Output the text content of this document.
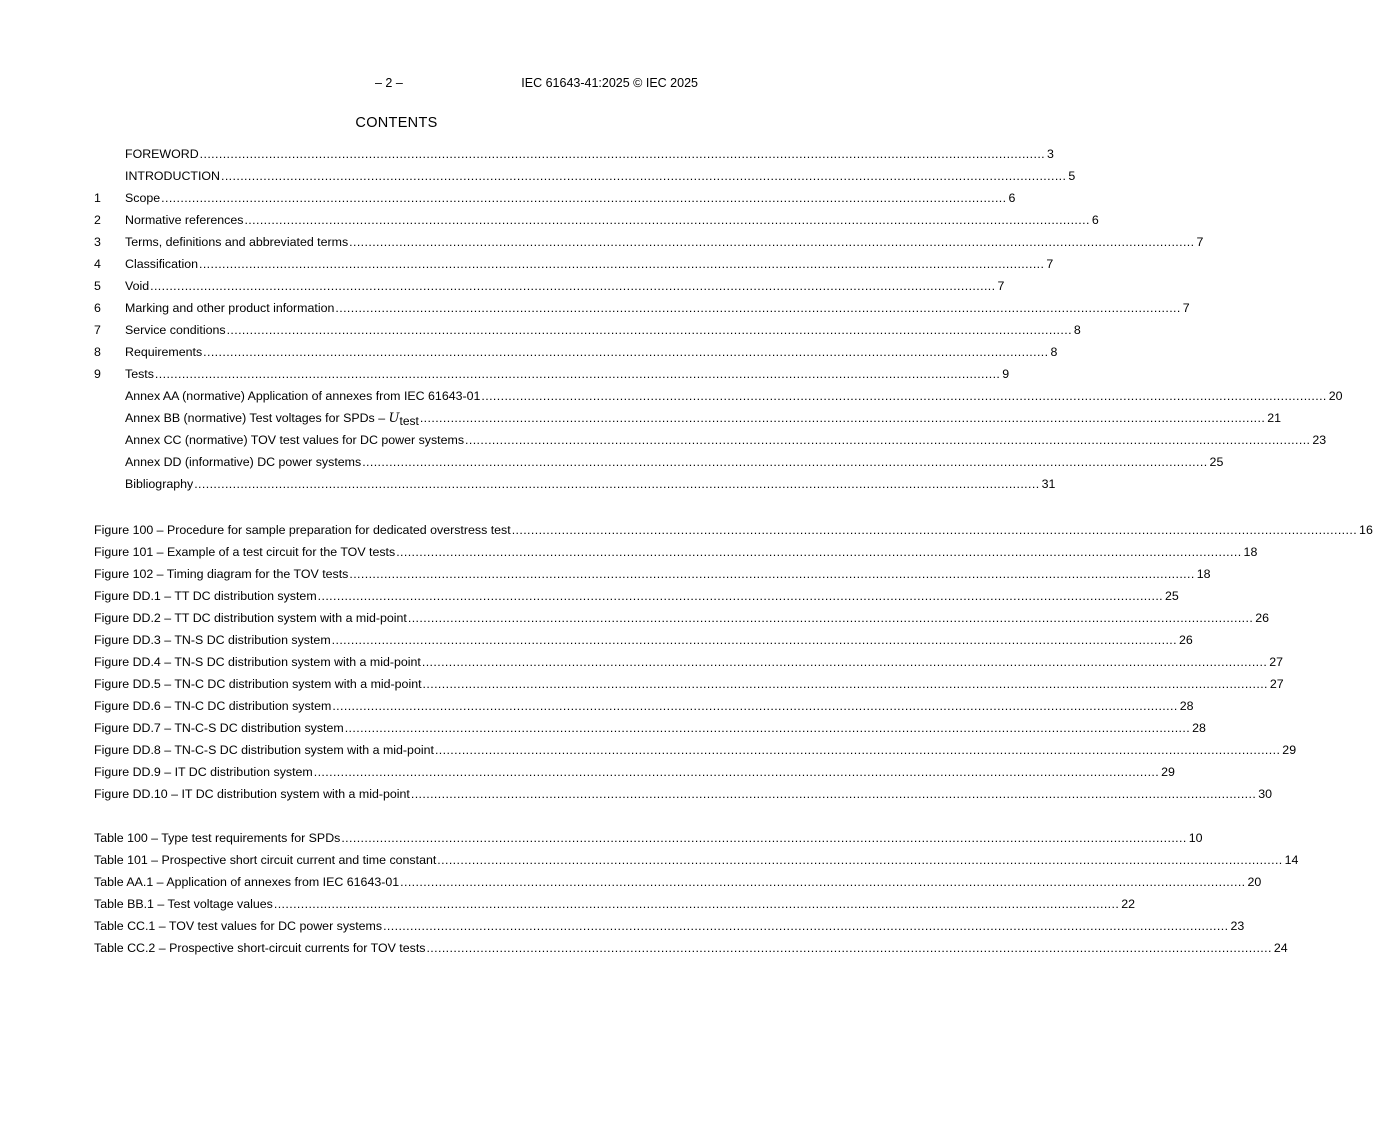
– 2 –	IEC 61643-41:2025 © IEC 2025
CONTENTS
FOREWORD ............................................................................................................................................................................................................................ 3
INTRODUCTION ............................................................................................................................................................................................................................ 5
1	Scope ............................................................................................................................................................................................................................ 6
2	Normative references ............................................................................................................................................................................................................................ 6
3	Terms, definitions and abbreviated terms ............................................................................................................................................................................................................................ 7
4	Classification ............................................................................................................................................................................................................................ 7
5	Void ............................................................................................................................................................................................................................ 7
6	Marking and other product information ............................................................................................................................................................................................................................ 7
7	Service conditions ............................................................................................................................................................................................................................ 8
8	Requirements ............................................................................................................................................................................................................................ 8
9	Tests ............................................................................................................................................................................................................................ 9
Annex AA (normative) Application of annexes from IEC 61643-01 ............................................................................................................................................................................................................................ 20
Annex BB (normative) Test voltages for SPDs – $U_{test}$ ............................................................................................................................................................................................................................ 21
Annex CC (normative) TOV test values for DC power systems ............................................................................................................................................................................................................................ 23
Annex DD (informative) DC power systems ............................................................................................................................................................................................................................ 25
Bibliography ............................................................................................................................................................................................................................ 31
Figure 100 – Procedure for sample preparation for dedicated overstress test ............................................................................................................................................................................................................................ 16
Figure 101 – Example of a test circuit for the TOV tests ............................................................................................................................................................................................................................ 18
Figure 102 – Timing diagram for the TOV tests ............................................................................................................................................................................................................................ 18
Figure DD.1 – TT DC distribution system ............................................................................................................................................................................................................................ 25
Figure DD.2 – TT DC distribution system with a mid-point ............................................................................................................................................................................................................................ 26
Figure DD.3 – TN-S DC distribution system ............................................................................................................................................................................................................................ 26
Figure DD.4 – TN-S DC distribution system with a mid-point ............................................................................................................................................................................................................................ 27
Figure DD.5 – TN-C DC distribution system with a mid-point ............................................................................................................................................................................................................................ 27
Figure DD.6 – TN-C DC distribution system ............................................................................................................................................................................................................................ 28
Figure DD.7 – TN-C-S DC distribution system ............................................................................................................................................................................................................................ 28
Figure DD.8 – TN-C-S DC distribution system with a mid-point ............................................................................................................................................................................................................................ 29
Figure DD.9 – IT DC distribution system ............................................................................................................................................................................................................................ 29
Figure DD.10 – IT DC distribution system with a mid-point ............................................................................................................................................................................................................................ 30
Table 100 – Type test requirements for SPDs ............................................................................................................................................................................................................................ 10
Table 101 – Prospective short circuit current and time constant ............................................................................................................................................................................................................................ 14
Table AA.1 – Application of annexes from IEC 61643-01 ............................................................................................................................................................................................................................ 20
Table BB.1 – Test voltage values ............................................................................................................................................................................................................................ 22
Table CC.1 – TOV test values for DC power systems ............................................................................................................................................................................................................................ 23
Table CC.2 – Prospective short-circuit currents for TOV tests ............................................................................................................................................................................................................................ 24
